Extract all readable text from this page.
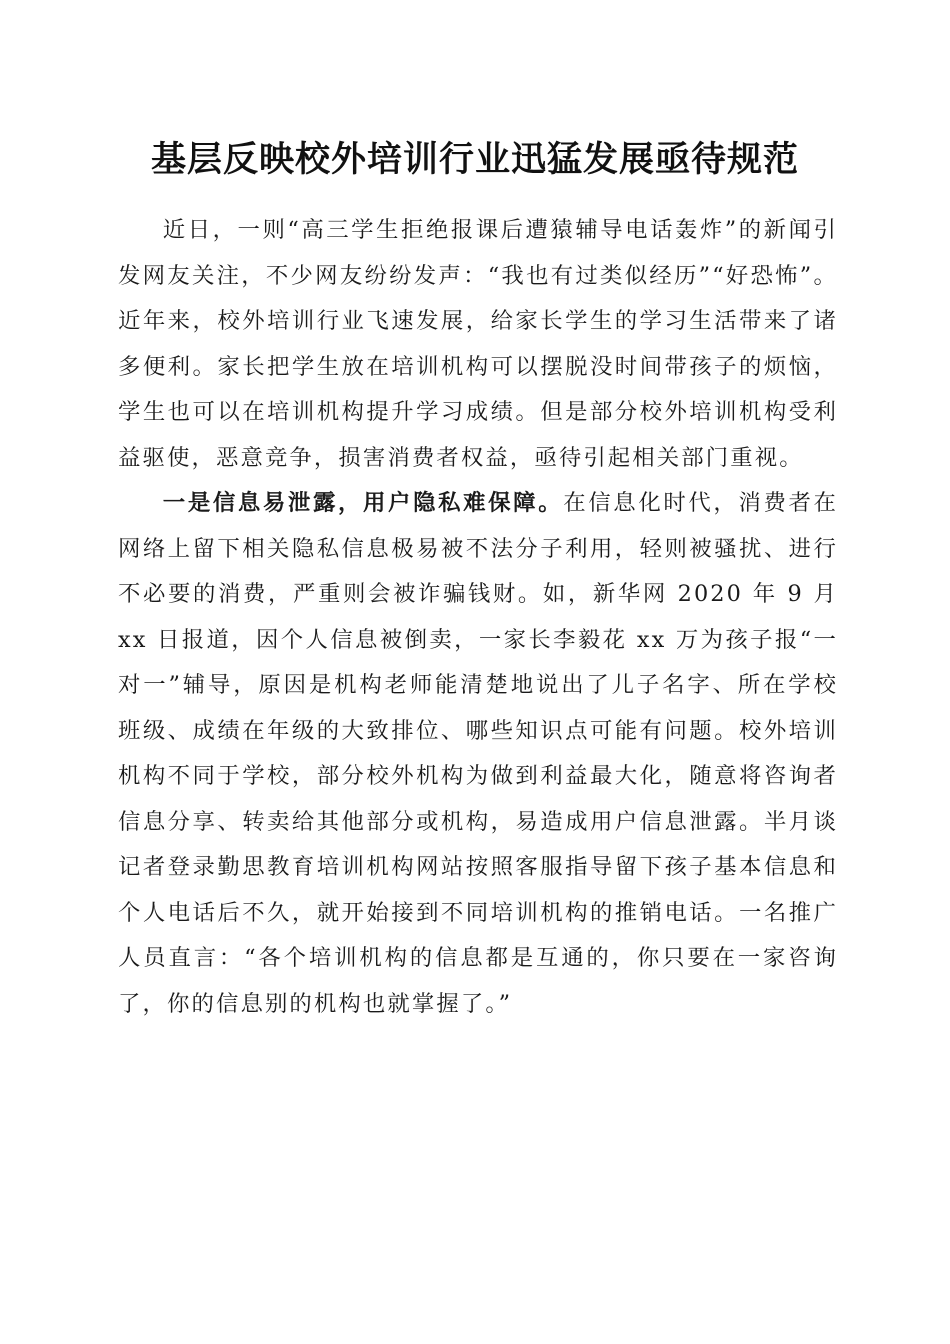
基层反映校外培训行业迅猛发展亟待规范

近日，一则“高三学生拒绝报课后遭猿辅导电话轰炸”的新闻引发网友关注，不少网友纷纷发声：“我也有过类似经历”“好恐怖”。近年来，校外培训行业飞速发展，给家长学生的学习生活带来了诸多便利。家长把学生放在培训机构可以摆脱没时间带孩子的烦恼，学生也可以在培训机构提升学习成绩。但是部分校外培训机构受利益驱使，恶意竞争，损害消费者权益，亟待引起相关部门重视。

一是信息易泄露，用户隐私难保障。在信息化时代，消费者在网络上留下相关隐私信息极易被不法分子利用，轻则被骚扰、进行不必要的消费，严重则会被诈骗钱财。如，新华网 2020 年 9 月 xx 日报道，因个人信息被倒卖，一家长李毅花 xx 万为孩子报“一对一”辅导，原因是机构老师能清楚地说出了儿子名字、所在学校班级、成绩在年级的大致排位、哪些知识点可能有问题。校外培训机构不同于学校，部分校外机构为做到利益最大化，随意将咨询者信息分享、转卖给其他部分或机构，易造成用户信息泄露。半月谈记者登录勤思教育培训机构网站按照客服指导留下孩子基本信息和个人电话后不久，就开始接到不同培训机构的推销电话。一名推广人员直言：“各个培训机构的信息都是互通的，你只要在一家咨询了，你的信息别的机构也就掌握了。”
